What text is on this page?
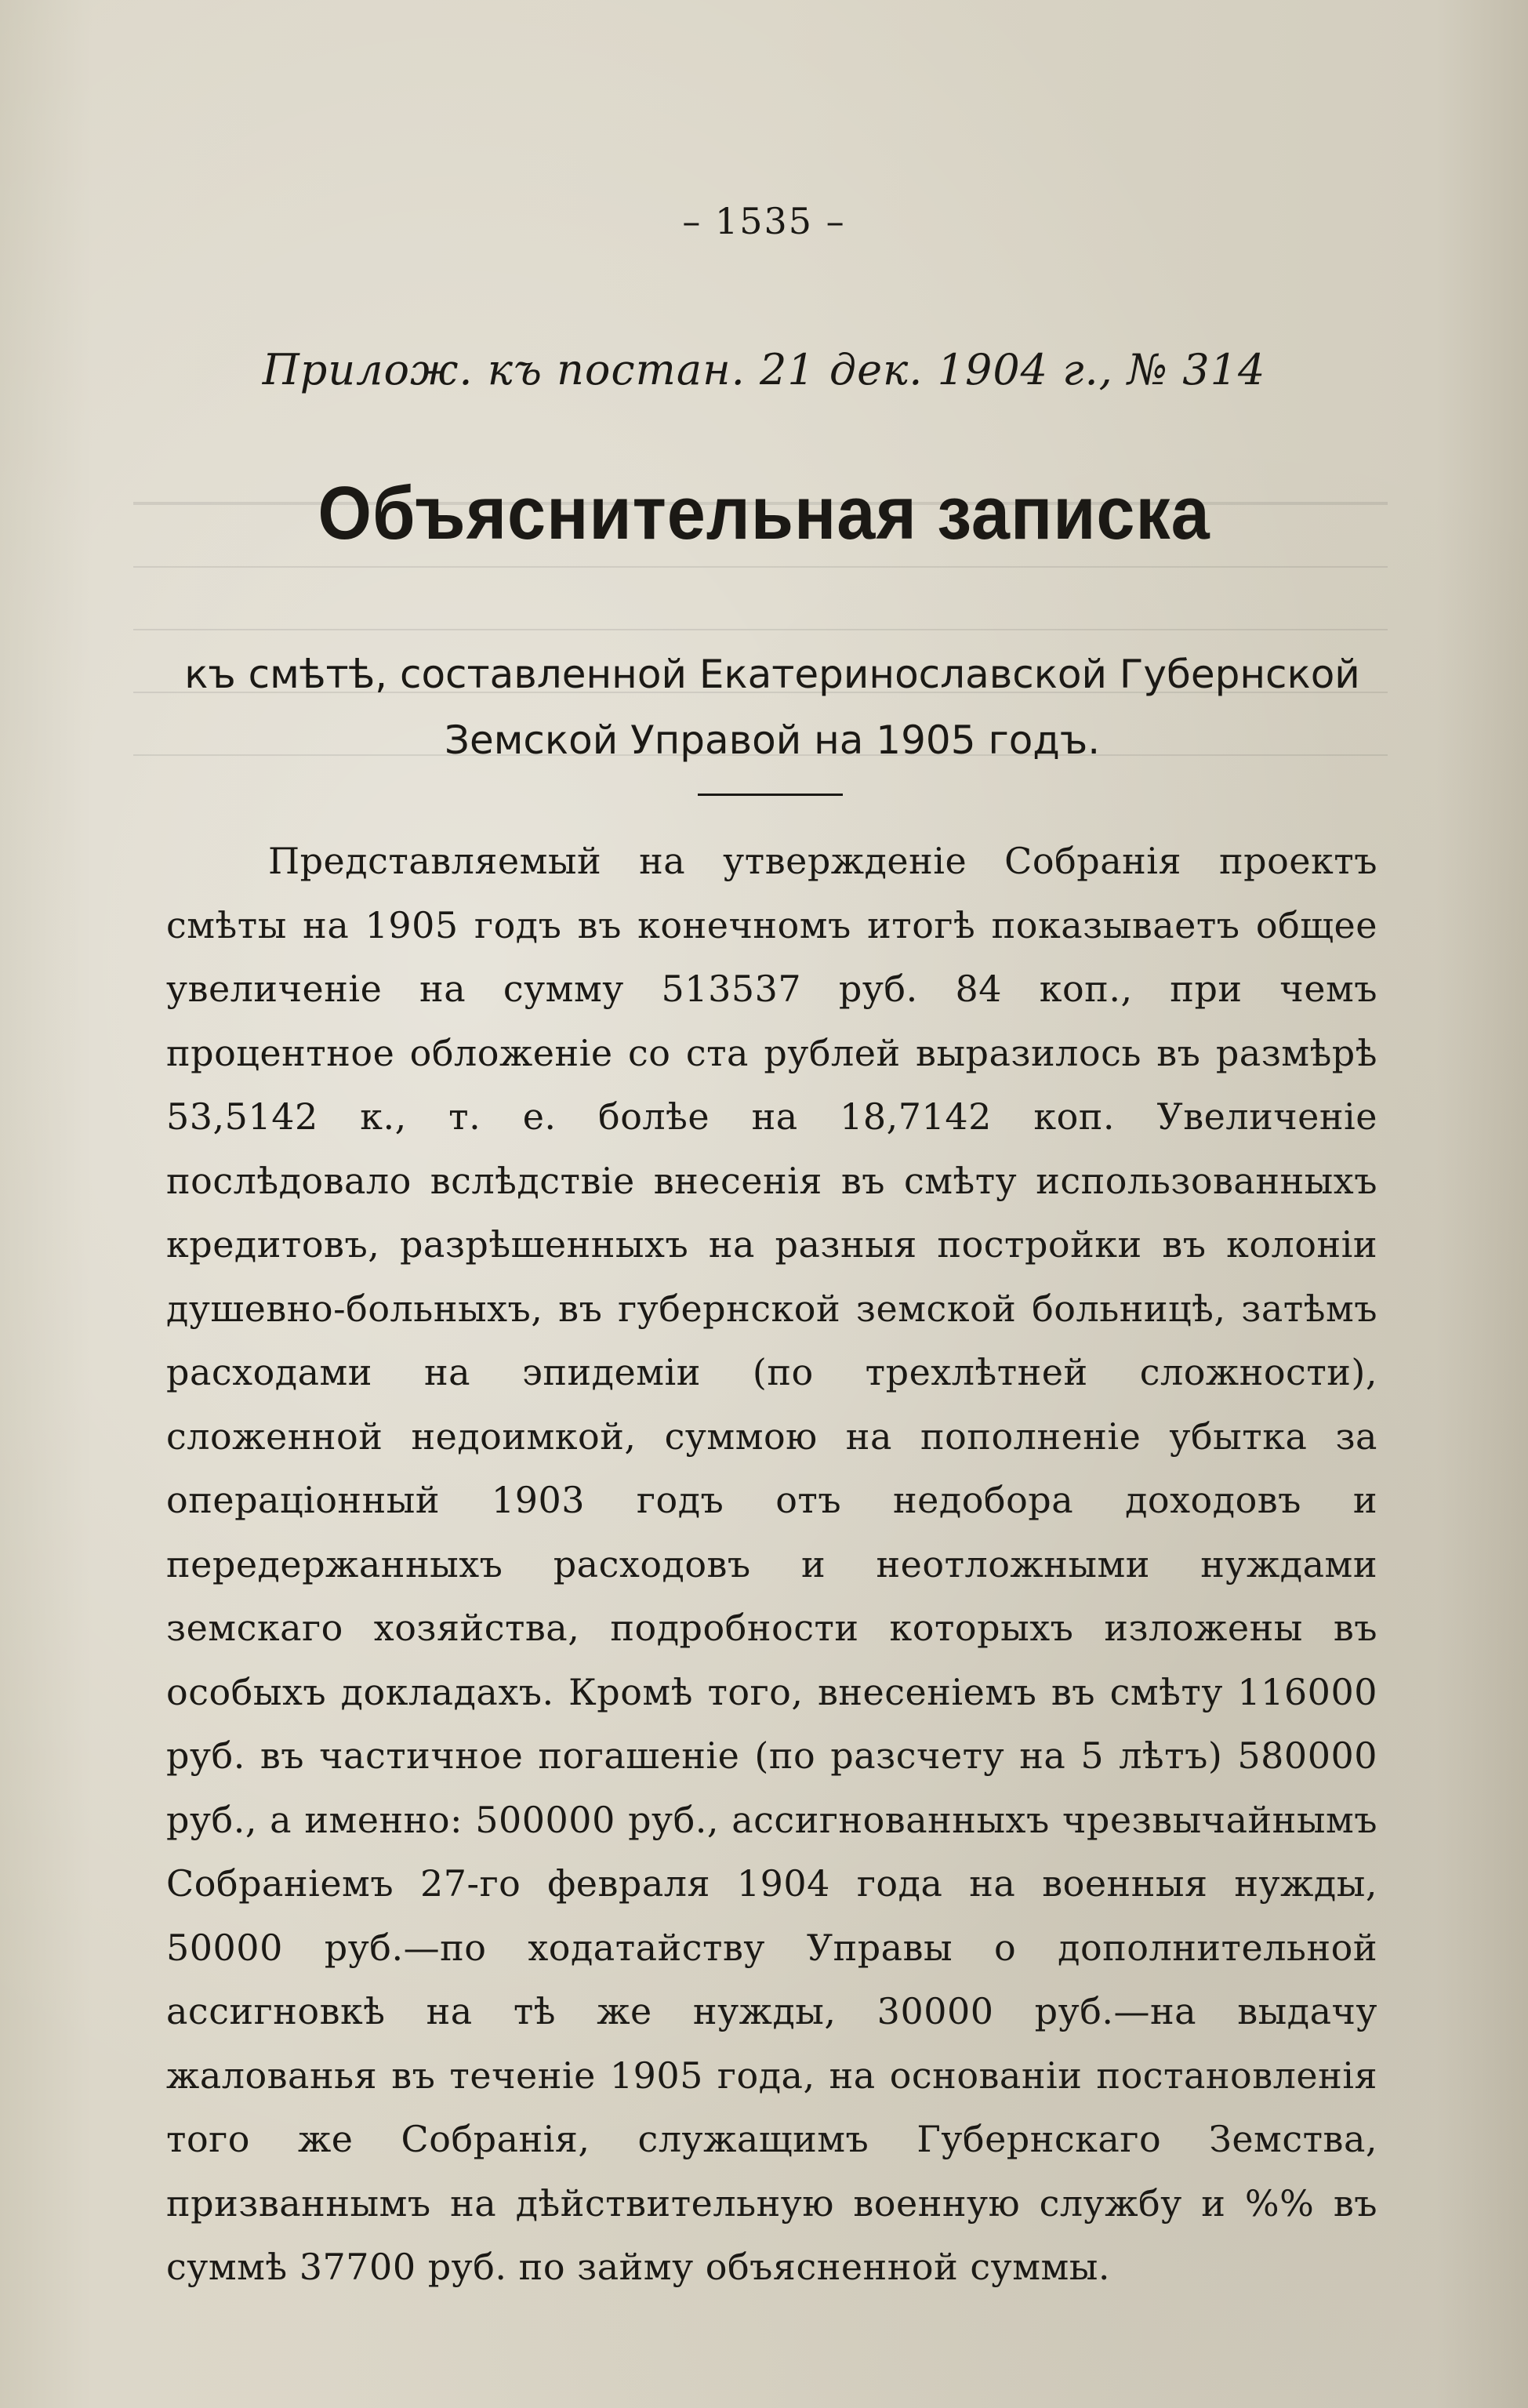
– 1535 –
Прилож. къ постан. 21 дек. 1904 г., № 314
Объяснительная записка
къ смѣтѣ, составленной Екатеринославской Губернской Земской Управой на 1905 годъ.

Представляемый на утвержденіе Собранія проектъ смѣты на 1905 годъ въ конечномъ итогѣ показываетъ общее увеличеніе на сумму 513537 руб. 84 коп., при чемъ процентное обложеніе со ста рублей выразилось въ размѣрѣ 53,5142 к., т. е. болѣе на 18,7142 коп. Увеличеніе послѣдовало вслѣдствіе внесенія въ смѣту использованныхъ кредитовъ, разрѣшенныхъ на разныя постройки въ колоніи душевно-больныхъ, въ губернской земской больницѣ, затѣмъ расходами на эпидеміи (по трехлѣтней сложности), сложенной недоимкой, суммою на пополненіе убытка за операціонный 1903 годъ отъ недобора доходовъ и передержанныхъ расходовъ и неотложными нуждами земскаго хозяйства, подробности которыхъ изложены въ особыхъ докладахъ. Кромѣ того, внесеніемъ въ смѣту 116000 руб. въ частичное погашеніе (по разсчету на 5 лѣтъ) 580000 руб., а именно: 500000 руб., ассигнованныхъ чрезвычайнымъ Собраніемъ 27-го февраля 1904 года на военныя нужды, 50000 руб.—по ходатайству Управы о дополнительной ассигновкѣ на тѣ же нужды, 30000 руб.—на выдачу жалованья въ теченіе 1905 года, на основаніи постановленія того же Собранія, служащимъ Губернскаго Земства, призваннымъ на дѣйствительную военную службу и %% въ суммѣ 37700 руб. по займу объясненной суммы.
